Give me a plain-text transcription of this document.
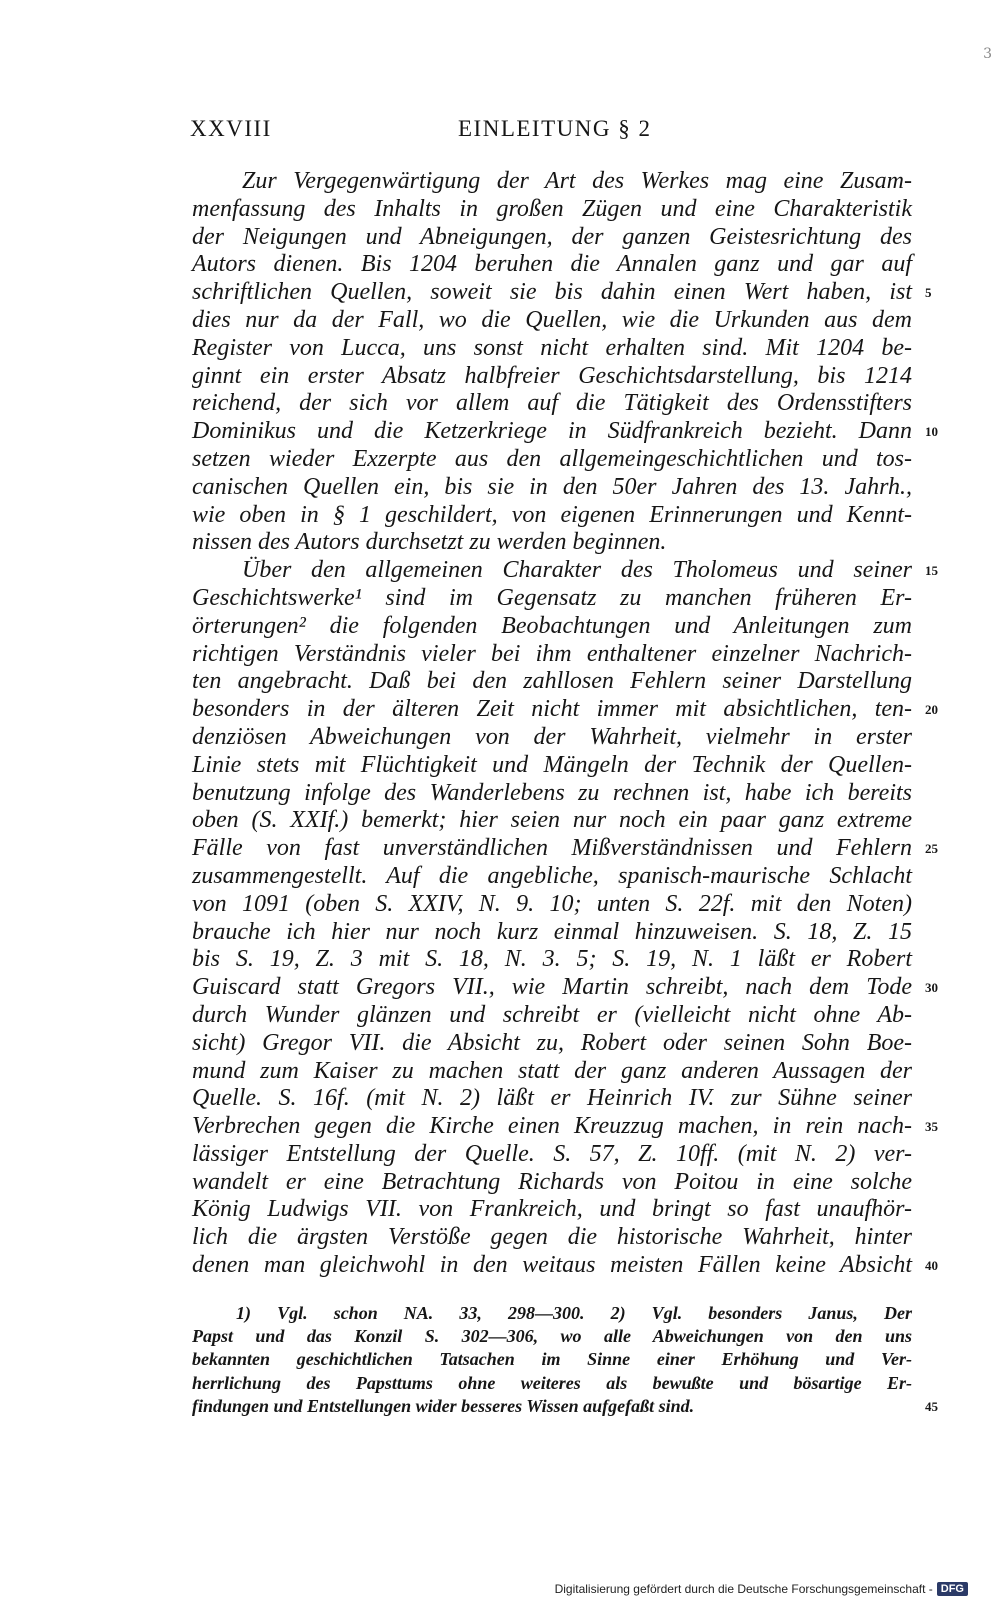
XXVIII	EINLEITUNG § 2
3
Zur Vergegenwärtigung der Art des Werkes mag eine Zusam-
menfassung des Inhalts in großen Zügen und eine Charakteristik
der Neigungen und Abneigungen, der ganzen Geistesrichtung des
Autors dienen. Bis 1204 beruhen die Annalen ganz und gar auf
schriftlichen Quellen, soweit sie bis dahin einen Wert haben, ist 5
dies nur da der Fall, wo die Quellen, wie die Urkunden aus dem
Register von Lucca, uns sonst nicht erhalten sind. Mit 1204 be-
ginnt ein erster Absatz halbfreier Geschichtsdarstellung, bis 1214
reichend, der sich vor allem auf die Tätigkeit des Ordensstifters
Dominikus und die Ketzerkriege in Südfrankreich bezieht. Dann 10
setzen wieder Exzerpte aus den allgemeingeschichtlichen und tos-
canischen Quellen ein, bis sie in den 50er Jahren des 13. Jahrh.,
wie oben in § 1 geschildert, von eigenen Erinnerungen und Kennt-
nissen des Autors durchsetzt zu werden beginnen.
Über den allgemeinen Charakter des Tholomeus und seiner 15
Geschichtswerke¹ sind im Gegensatz zu manchen früheren Er-
örterungen² die folgenden Beobachtungen und Anleitungen zum
richtigen Verständnis vieler bei ihm enthaltener einzelner Nachrich-
ten angebracht. Daß bei den zahllosen Fehlern seiner Darstellung
besonders in der älteren Zeit nicht immer mit absichtlichen, ten- 20
denziösen Abweichungen von der Wahrheit, vielmehr in erster
Linie stets mit Flüchtigkeit und Mängeln der Technik der Quellen-
benutzung infolge des Wanderlebens zu rechnen ist, habe ich bereits
oben (S. XXIf.) bemerkt; hier seien nur noch ein paar ganz extreme
Fälle von fast unverständlichen Mißverständnissen und Fehlern 25
zusammengestellt. Auf die angebliche, spanisch-maurische Schlacht
von 1091 (oben S. XXIV, N. 9. 10; unten S. 22f. mit den Noten)
brauche ich hier nur noch kurz einmal hinzuweisen. S. 18, Z. 15
bis S. 19, Z. 3 mit S. 18, N. 3. 5; S. 19, N. 1 läßt er Robert
Guiscard statt Gregors VII., wie Martin schreibt, nach dem Tode 30
durch Wunder glänzen und schreibt er (vielleicht nicht ohne Ab-
sicht) Gregor VII. die Absicht zu, Robert oder seinen Sohn Boe-
mund zum Kaiser zu machen statt der ganz anderen Aussagen der
Quelle. S. 16f. (mit N. 2) läßt er Heinrich IV. zur Sühne seiner
Verbrechen gegen die Kirche einen Kreuzzug machen, in rein nach- 35
lässiger Entstellung der Quelle. S. 57, Z. 10ff. (mit N. 2) ver-
wandelt er eine Betrachtung Richards von Poitou in eine solche
König Ludwigs VII. von Frankreich, und bringt so fast unaufhör-
lich die ärgsten Verstöße gegen die historische Wahrheit, hinter
denen man gleichwohl in den weitaus meisten Fällen keine Absicht 40
1) Vgl. schon NA. 33, 298—300. 2) Vgl. besonders Janus, Der
Papst und das Konzil S. 302—306, wo alle Abweichungen von den uns
bekannten geschichtlichen Tatsachen im Sinne einer Erhöhung und Ver-
herrlichung des Papsttums ohne weiteres als bewußte und bösartige Er-
findungen und Entstellungen wider besseres Wissen aufgefaßt sind.	45
Digitalisierung gefördert durch die Deutsche Forschungsgemeinschaft - DFG
